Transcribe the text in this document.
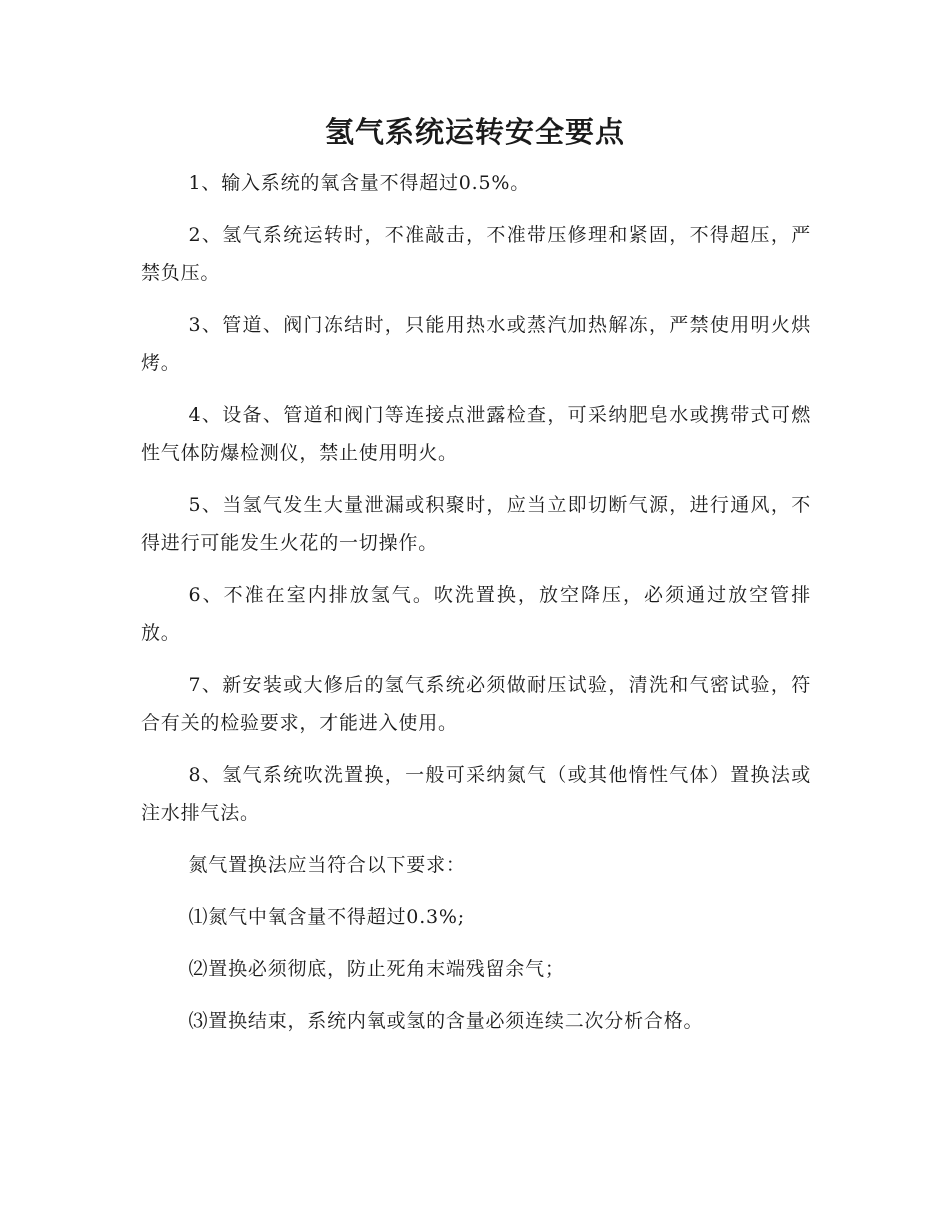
氢气系统运转安全要点

1、输入系统的氧含量不得超过0.5%。

2、氢气系统运转时，不准敲击，不准带压修理和紧固，不得超压，严禁负压。

3、管道、阀门冻结时，只能用热水或蒸汽加热解冻，严禁使用明火烘烤。

4、设备、管道和阀门等连接点泄露检查，可采纳肥皂水或携带式可燃性气体防爆检测仪，禁止使用明火。

5、当氢气发生大量泄漏或积聚时，应当立即切断气源，进行通风，不得进行可能发生火花的一切操作。

6、不准在室内排放氢气。吹洗置换，放空降压，必须通过放空管排放。

7、新安装或大修后的氢气系统必须做耐压试验，清洗和气密试验，符合有关的检验要求，才能进入使用。

8、氢气系统吹洗置换，一般可采纳氮气（或其他惰性气体）置换法或注水排气法。

氮气置换法应当符合以下要求：

⑴氮气中氧含量不得超过0.3%;

⑵置换必须彻底，防止死角末端残留余气；

⑶置换结束，系统内氧或氢的含量必须连续二次分析合格。
